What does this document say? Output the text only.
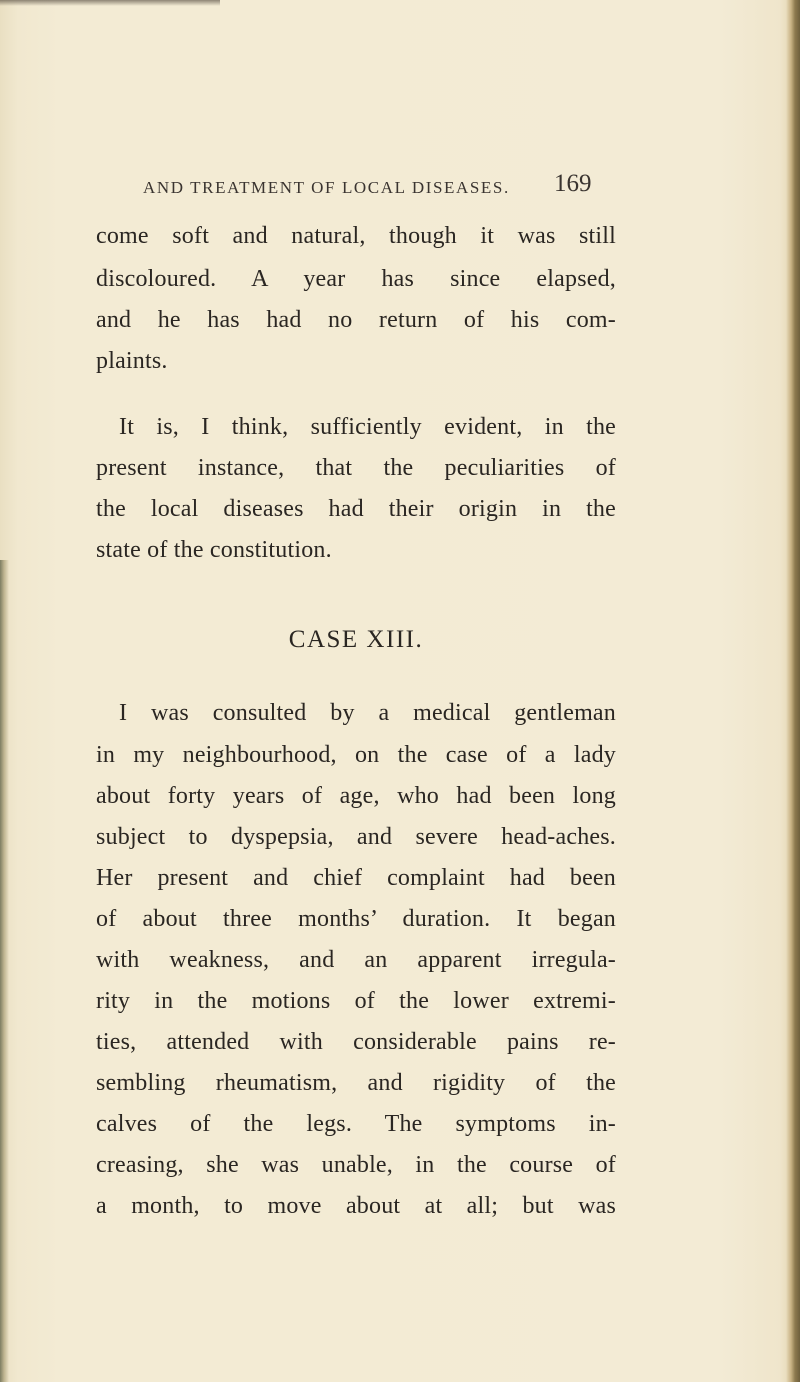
AND TREATMENT OF LOCAL DISEASES. 169
come soft and natural, though it was still
discoloured. A year has since elapsed,
and he has had no return of his com-
plaints.
It is, I think, sufficiently evident, in the
present instance, that the peculiarities of
the local diseases had their origin in the
state of the constitution.
CASE XIII.
I was consulted by a medical gentleman
in my neighbourhood, on the case of a lady
about forty years of age, who had been long
subject to dyspepsia, and severe head-aches.
Her present and chief complaint had been
of about three months’ duration. It began
with weakness, and an apparent irregula-
rity in the motions of the lower extremi-
ties, attended with considerable pains re-
sembling rheumatism, and rigidity of the
calves of the legs. The symptoms in-
creasing, she was unable, in the course of
a month, to move about at all; but was
